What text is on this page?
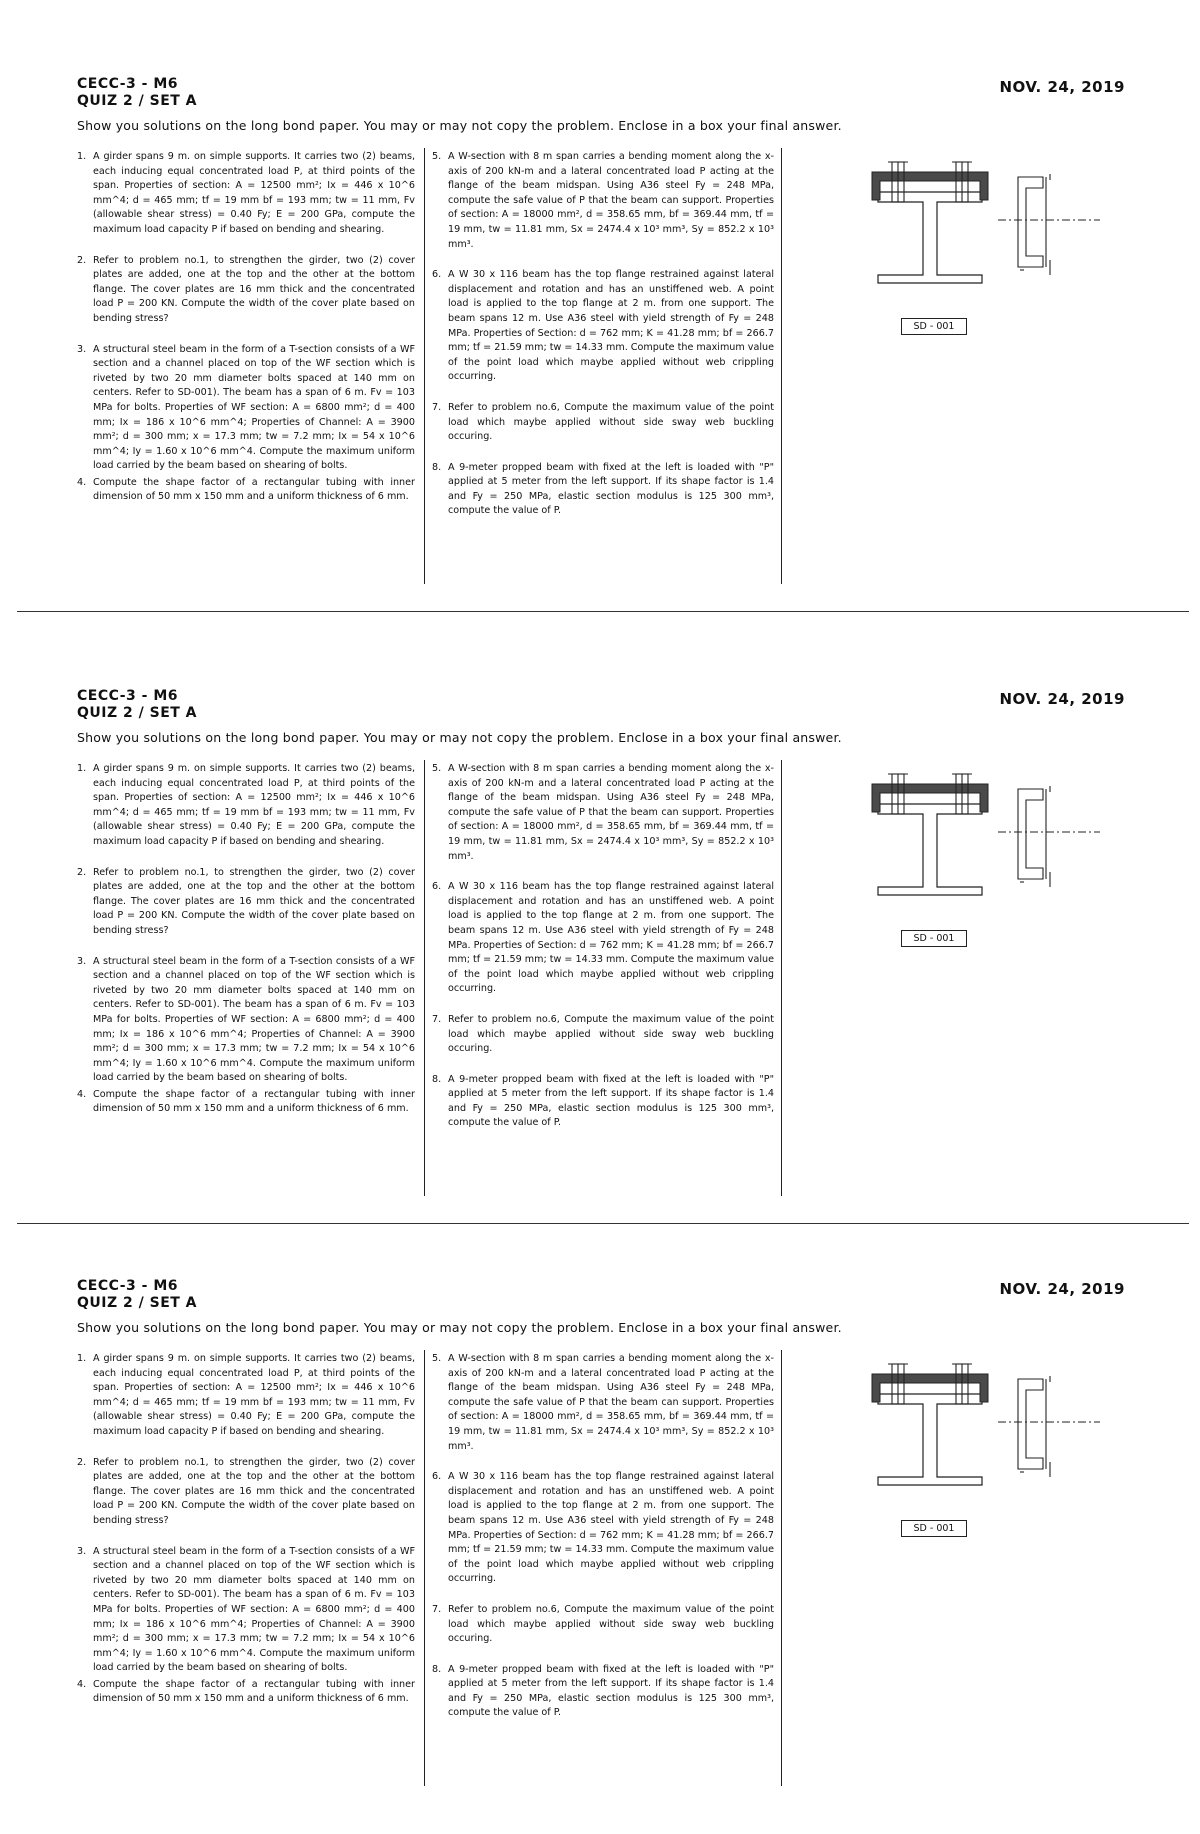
CECC-3 - M6
QUIZ 2 / SET A
NOV. 24, 2019
Show you solutions on the long bond paper. You may or may not copy the problem. Enclose in a box your final answer.
1. A girder spans 9 m. on simple supports. It carries two (2) beams, each inducing equal concentrated load P, at third points of the span. Properties of section: A = 12500 mm²; Ix = 446 x 10^6 mm^4; d = 465 mm; tf = 19 mm bf = 193 mm; tw = 11 mm, Fv (allowable shear stress) = 0.40 Fy; E = 200 GPa, compute the maximum load capacity P if based on bending and shearing.
2. Refer to problem no.1, to strengthen the girder, two (2) cover plates are added, one at the top and the other at the bottom flange. The cover plates are 16 mm thick and the concentrated load P = 200 KN. Compute the width of the cover plate based on bending stress?
3. A structural steel beam in the form of a T-section consists of a WF section and a channel placed on top of the WF section which is riveted by two 20 mm diameter bolts spaced at 140 mm on centers. Refer to SD-001). The beam has a span of 6 m. Fv = 103 MPa for bolts. Properties of WF section: A = 6800 mm²; d = 400 mm; Ix = 186 x 10^6 mm^4; Properties of Channel: A = 3900 mm²; d = 300 mm; x = 17.3 mm; tw = 7.2 mm; Ix = 54 x 10^6 mm^4; Iy = 1.60 x 10^6 mm^4. Compute the maximum uniform load carried by the beam based on shearing of bolts.
4. Compute the shape factor of a rectangular tubing with inner dimension of 50 mm x 150 mm and a uniform thickness of 6 mm.
5. A W-section with 8 m span carries a bending moment along the x-axis of 200 kN-m and a lateral concentrated load P acting at the flange of the beam midspan. Using A36 steel Fy = 248 MPa, compute the safe value of P that the beam can support. Properties of section: A = 18000 mm², d = 358.65 mm, bf = 369.44 mm, tf = 19 mm, tw = 11.81 mm, Sx = 2474.4 x 10³ mm³, Sy = 852.2 x 10³ mm³.
6. A W 30 x 116 beam has the top flange restrained against lateral displacement and rotation and has an unstiffened web. A point load is applied to the top flange at 2 m. from one support. The beam spans 12 m. Use A36 steel with yield strength of Fy = 248 MPa. Properties of Section: d = 762 mm; K = 41.28 mm; bf = 266.7 mm; tf = 21.59 mm; tw = 14.33 mm. Compute the maximum value of the point load which maybe applied without web crippling occurring.
7. Refer to problem no.6, Compute the maximum value of the point load which maybe applied without side sway web buckling occuring.
8. A 9-meter propped beam with fixed at the left is loaded with "P" applied at 5 meter from the left support. If its shape factor is 1.4 and Fy = 250 MPa, elastic section modulus is 125 300 mm³, compute the value of P.
SD - 001
CECC-3 - M6
QUIZ 2 / SET A
NOV. 24, 2019
Show you solutions on the long bond paper. You may or may not copy the problem. Enclose in a box your final answer.
1. A girder spans 9 m. on simple supports. It carries two (2) beams, each inducing equal concentrated load P, at third points of the span. Properties of section: A = 12500 mm²; Ix = 446 x 10^6 mm^4; d = 465 mm; tf = 19 mm bf = 193 mm; tw = 11 mm, Fv (allowable shear stress) = 0.40 Fy; E = 200 GPa, compute the maximum load capacity P if based on bending and shearing.
2. Refer to problem no.1, to strengthen the girder, two (2) cover plates are added, one at the top and the other at the bottom flange. The cover plates are 16 mm thick and the concentrated load P = 200 KN. Compute the width of the cover plate based on bending stress?
3. A structural steel beam in the form of a T-section consists of a WF section and a channel placed on top of the WF section which is riveted by two 20 mm diameter bolts spaced at 140 mm on centers. Refer to SD-001). The beam has a span of 6 m. Fv = 103 MPa for bolts. Properties of WF section: A = 6800 mm²; d = 400 mm; Ix = 186 x 10^6 mm^4; Properties of Channel: A = 3900 mm²; d = 300 mm; x = 17.3 mm; tw = 7.2 mm; Ix = 54 x 10^6 mm^4; Iy = 1.60 x 10^6 mm^4. Compute the maximum uniform load carried by the beam based on shearing of bolts.
4. Compute the shape factor of a rectangular tubing with inner dimension of 50 mm x 150 mm and a uniform thickness of 6 mm.
5. A W-section with 8 m span carries a bending moment along the x-axis of 200 kN-m and a lateral concentrated load P acting at the flange of the beam midspan. Using A36 steel Fy = 248 MPa, compute the safe value of P that the beam can support. Properties of section: A = 18000 mm², d = 358.65 mm, bf = 369.44 mm, tf = 19 mm, tw = 11.81 mm, Sx = 2474.4 x 10³ mm³, Sy = 852.2 x 10³ mm³.
6. A W 30 x 116 beam has the top flange restrained against lateral displacement and rotation and has an unstiffened web. A point load is applied to the top flange at 2 m. from one support. The beam spans 12 m. Use A36 steel with yield strength of Fy = 248 MPa. Properties of Section: d = 762 mm; K = 41.28 mm; bf = 266.7 mm; tf = 21.59 mm; tw = 14.33 mm. Compute the maximum value of the point load which maybe applied without web crippling occurring.
7. Refer to problem no.6, Compute the maximum value of the point load which maybe applied without side sway web buckling occuring.
8. A 9-meter propped beam with fixed at the left is loaded with "P" applied at 5 meter from the left support. If its shape factor is 1.4 and Fy = 250 MPa, elastic section modulus is 125 300 mm³, compute the value of P.
SD - 001
CECC-3 - M6
QUIZ 2 / SET A
NOV. 24, 2019
Show you solutions on the long bond paper. You may or may not copy the problem. Enclose in a box your final answer.
1. A girder spans 9 m. on simple supports. It carries two (2) beams, each inducing equal concentrated load P, at third points of the span. Properties of section: A = 12500 mm²; Ix = 446 x 10^6 mm^4; d = 465 mm; tf = 19 mm bf = 193 mm; tw = 11 mm, Fv (allowable shear stress) = 0.40 Fy; E = 200 GPa, compute the maximum load capacity P if based on bending and shearing.
2. Refer to problem no.1, to strengthen the girder, two (2) cover plates are added, one at the top and the other at the bottom flange. The cover plates are 16 mm thick and the concentrated load P = 200 KN. Compute the width of the cover plate based on bending stress?
3. A structural steel beam in the form of a T-section consists of a WF section and a channel placed on top of the WF section which is riveted by two 20 mm diameter bolts spaced at 140 mm on centers. Refer to SD-001). The beam has a span of 6 m. Fv = 103 MPa for bolts. Properties of WF section: A = 6800 mm²; d = 400 mm; Ix = 186 x 10^6 mm^4; Properties of Channel: A = 3900 mm²; d = 300 mm; x = 17.3 mm; tw = 7.2 mm; Ix = 54 x 10^6 mm^4; Iy = 1.60 x 10^6 mm^4. Compute the maximum uniform load carried by the beam based on shearing of bolts.
4. Compute the shape factor of a rectangular tubing with inner dimension of 50 mm x 150 mm and a uniform thickness of 6 mm.
5. A W-section with 8 m span carries a bending moment along the x-axis of 200 kN-m and a lateral concentrated load P acting at the flange of the beam midspan. Using A36 steel Fy = 248 MPa, compute the safe value of P that the beam can support. Properties of section: A = 18000 mm², d = 358.65 mm, bf = 369.44 mm, tf = 19 mm, tw = 11.81 mm, Sx = 2474.4 x 10³ mm³, Sy = 852.2 x 10³ mm³.
6. A W 30 x 116 beam has the top flange restrained against lateral displacement and rotation and has an unstiffened web. A point load is applied to the top flange at 2 m. from one support. The beam spans 12 m. Use A36 steel with yield strength of Fy = 248 MPa. Properties of Section: d = 762 mm; K = 41.28 mm; bf = 266.7 mm; tf = 21.59 mm; tw = 14.33 mm. Compute the maximum value of the point load which maybe applied without web crippling occurring.
7. Refer to problem no.6, Compute the maximum value of the point load which maybe applied without side sway web buckling occuring.
8. A 9-meter propped beam with fixed at the left is loaded with "P" applied at 5 meter from the left support. If its shape factor is 1.4 and Fy = 250 MPa, elastic section modulus is 125 300 mm³, compute the value of P.
SD - 001
